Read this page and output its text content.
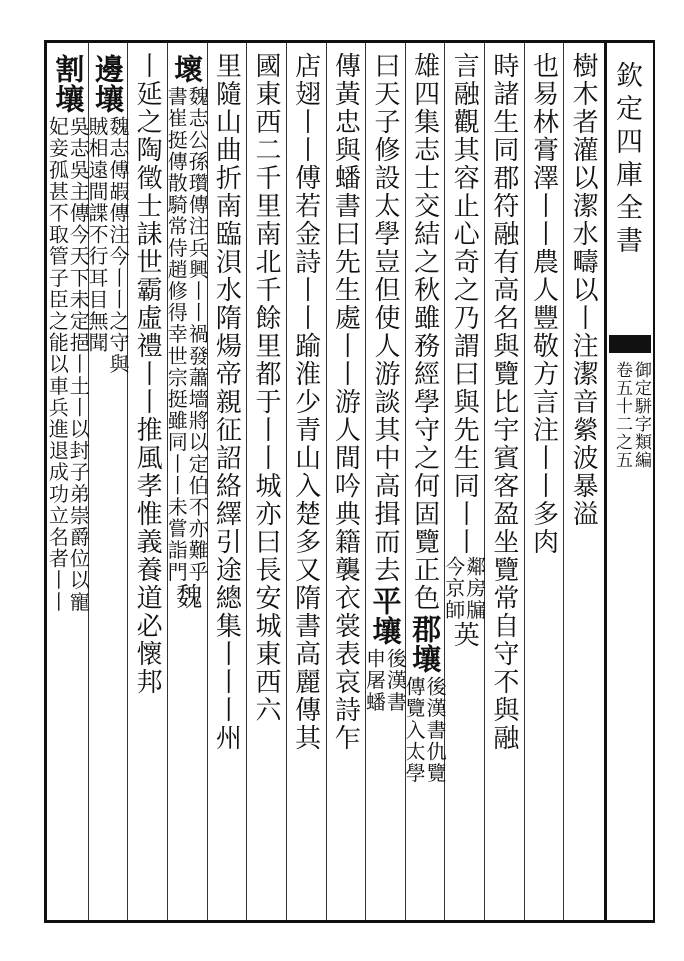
樹木者灌以潔水疇以
丨注潔音縈波暴溢
也易林膏澤丨丨農人豐
敬方言注丨丨多肉
時諸生同郡符融有高名與
覽比宇賓客盈坐覽常自
守不與融
言融觀其容止心奇之乃謂
曰與先生同丨丨
鄰房牖
今京師
英
雄四集志士交結之秋雖務
經學守之何固覽正色
郡壤
後漢書仇覽
傳覽入太學
曰天子修設太學豈但使人
游談其中高揖而去
平壤
後漢書
申屠蟠
傳黃忠與蟠書曰先生處丨
丨游人間吟典籍襲衣裳表
哀詩乍
店翅丨丨傅若金詩丨丨
踰淮少青山入楚多又
隋書高麗傳其
國東西二千里南北千餘里
都于丨丨城亦曰長安城
東西六
里隨山曲折南臨浿水隋煬
帝親征詔絡繹引途總集丨丨
丨州
壞
魏志公孫瓚傳注兵興丨丨禍發蕭墻將以定伯不亦難乎
書崔挺傳散騎常侍趙修得幸世宗挺雖同丨丨未嘗詣門
魏
丨延之陶徵士誄世霸虛禮
丨丨推風孝惟義養道必懷
邦
邊壤
魏志傅嘏傳注今丨丨之守與
賊相遠間諜不行耳目無聞
割壤
吳志吳主傳今天下未定挹丨土丨以封子弟崇爵位以寵
妃妾孤甚不取管子臣之能以車兵進退成功立名者丨丨	欽定四庫全書
御定駢字類編
卷五十二之五
